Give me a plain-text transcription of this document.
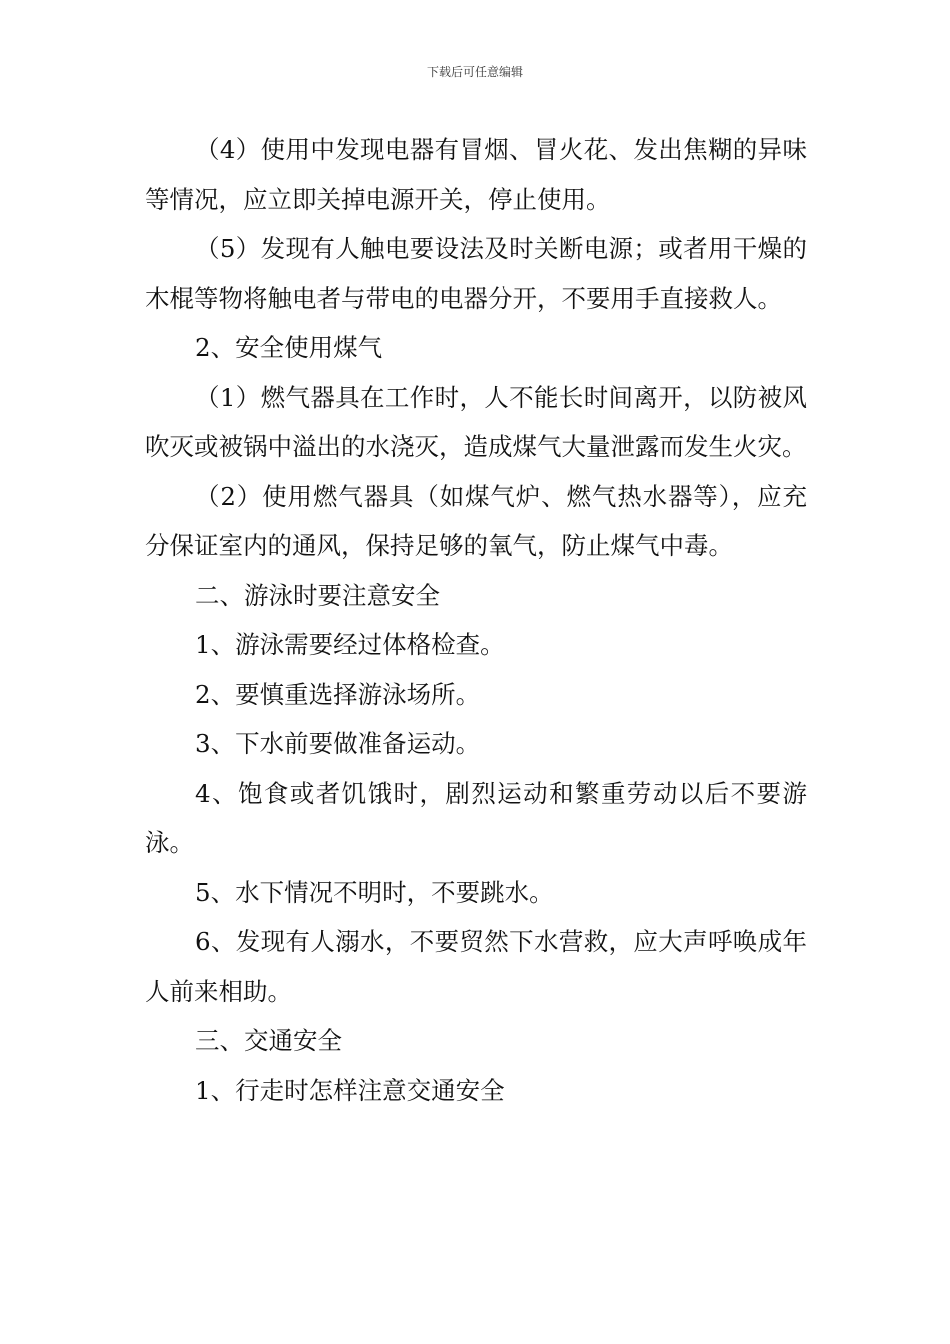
下载后可任意编辑

（4）使用中发现电器有冒烟、冒火花、发出焦糊的异味等情况，应立即关掉电源开关，停止使用。

（5）发现有人触电要设法及时关断电源；或者用干燥的木棍等物将触电者与带电的电器分开，不要用手直接救人。

2、安全使用煤气

（1）燃气器具在工作时，人不能长时间离开，以防被风吹灭或被锅中溢出的水浇灭，造成煤气大量泄露而发生火灾。

（2）使用燃气器具（如煤气炉、燃气热水器等），应充分保证室内的通风，保持足够的氧气，防止煤气中毒。

二、游泳时要注意安全

1、游泳需要经过体格检查。

2、要慎重选择游泳场所。

3、下水前要做准备运动。

4、饱食或者饥饿时，剧烈运动和繁重劳动以后不要游泳。

5、水下情况不明时，不要跳水。

6、发现有人溺水，不要贸然下水营救，应大声呼唤成年人前来相助。

三、交通安全

1、行走时怎样注意交通安全
